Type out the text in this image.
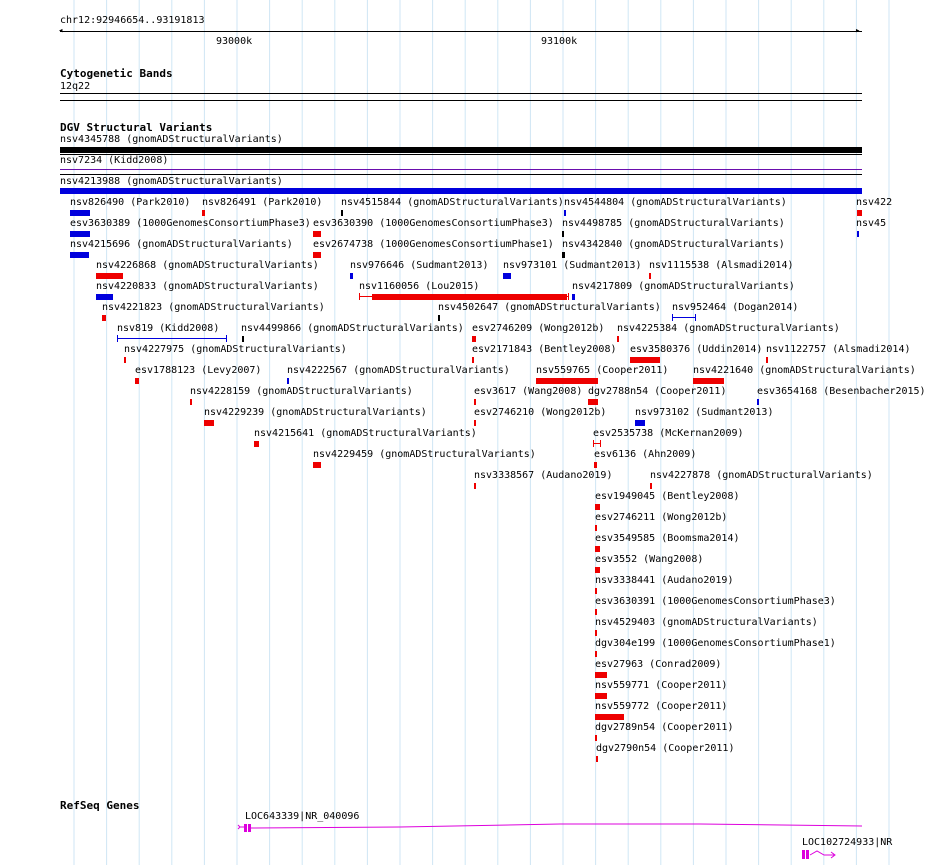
chr12:92946654..93191813
◂	▸
93000k	93100k
Cytogenetic Bands
12q22
DGV Structural Variants
nsv4345788 (gnomADStructuralVariants)
nsv7234 (Kidd2008)
nsv4213988 (gnomADStructuralVariants)
nsv826490 (Park2010) nsv826491 (Park2010) nsv4515844 (gnomADStructuralVariants) nsv4544804 (gnomADStructuralVariants)	nsv422
esv3630389 (1000GenomesConsortiumPhase3) esv3630390 (1000GenomesConsortiumPhase3) nsv4498785 (gnomADStructuralVariants)	nsv45
nsv4215696 (gnomADStructuralVariants) esv2674738 (1000GenomesConsortiumPhase1) nsv4342840 (gnomADStructuralVariants)
nsv4226868 (gnomADStructuralVariants)	nsv976646 (Sudmant2013) nsv973101 (Sudmant2013) nsv1115538 (Alsmadi2014)
nsv4220833 (gnomADStructuralVariants)	nsv1160056 (Lou2015)	nsv4217809 (gnomADStructuralVariants)
nsv4221823 (gnomADStructuralVariants)	nsv4502647 (gnomADStructuralVariants) nsv952464 (Dogan2014)
nsv819 (Kidd2008) nsv4499866 (gnomADStructuralVariants) esv2746209 (Wong2012b) nsv4225384 (gnomADStructuralVariants)
nsv4227975 (gnomADStructuralVariants)	esv2171843 (Bentley2008) esv3580376 (Uddin2014) nsv1122757 (Alsmadi2014)
esv1788123 (Levy2007)	nsv4222567 (gnomADStructuralVariants)	nsv559765 (Cooper2011) nsv4221640 (gnomADStructuralVariants)
nsv4228159 (gnomADStructuralVariants)	esv3617 (Wang2008) dgv2788n54 (Cooper2011)	esv3654168 (Besenbacher2015)
nsv4229239 (gnomADStructuralVariants)	esv2746210 (Wong2012b)	nsv973102 (Sudmant2013)
nsv4215641 (gnomADStructuralVariants)	esv2535738 (McKernan2009)
nsv4229459 (gnomADStructuralVariants)	esv6136 (Ahn2009)
nsv3338567 (Audano2019)	nsv4227878 (gnomADStructuralVariants)
esv1949045 (Bentley2008)
esv2746211 (Wong2012b)
esv3549585 (Boomsma2014)
esv3552 (Wang2008)
nsv3338441 (Audano2019)
esv3630391 (1000GenomesConsortiumPhase3)
nsv4529403 (gnomADStructuralVariants)
dgv304e199 (1000GenomesConsortiumPhase1)
esv27963 (Conrad2009)
nsv559771 (Cooper2011)
nsv559772 (Cooper2011)
dgv2789n54 (Cooper2011)
dgv2790n54 (Cooper2011)
RefSeq Genes
LOC643339|NR_040096
LOC102724933|NR
